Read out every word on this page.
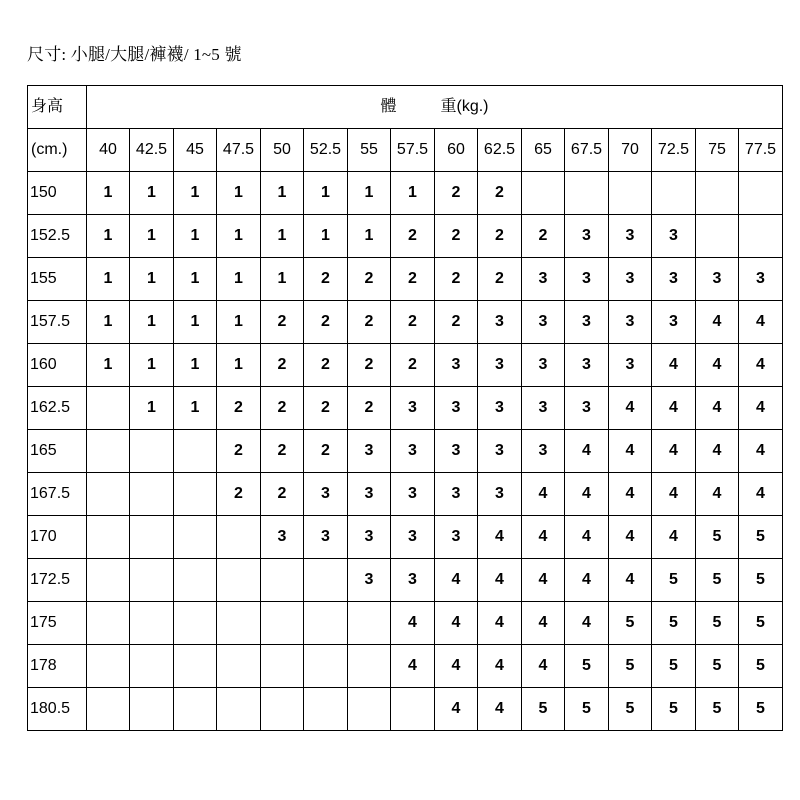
尺寸: 小腿/大腿/褲襪/ 1~5 號
身高	體 重(kg.)															
(cm.)	40	42.5	45	47.5	50	52.5	55	57.5	60	62.5	65	67.5	70	72.5	75	77.5
150	1	1	1	1	1	1	1	1	2	2						
152.5	1	1	1	1	1	1	1	2	2	2	2	3	3	3		
155	1	1	1	1	1	2	2	2	2	2	3	3	3	3	3	3
157.5	1	1	1	1	2	2	2	2	2	3	3	3	3	3	4	4
160	1	1	1	1	2	2	2	2	3	3	3	3	3	4	4	4
162.5		1	1	2	2	2	2	3	3	3	3	3	4	4	4	4
165				2	2	2	3	3	3	3	3	4	4	4	4	4
167.5				2	2	3	3	3	3	3	4	4	4	4	4	4
170					3	3	3	3	3	4	4	4	4	4	5	5
172.5							3	3	4	4	4	4	4	5	5	5
175								4	4	4	4	4	5	5	5	5
178								4	4	4	4	5	5	5	5	5
180.5									4	4	5	5	5	5	5	5
